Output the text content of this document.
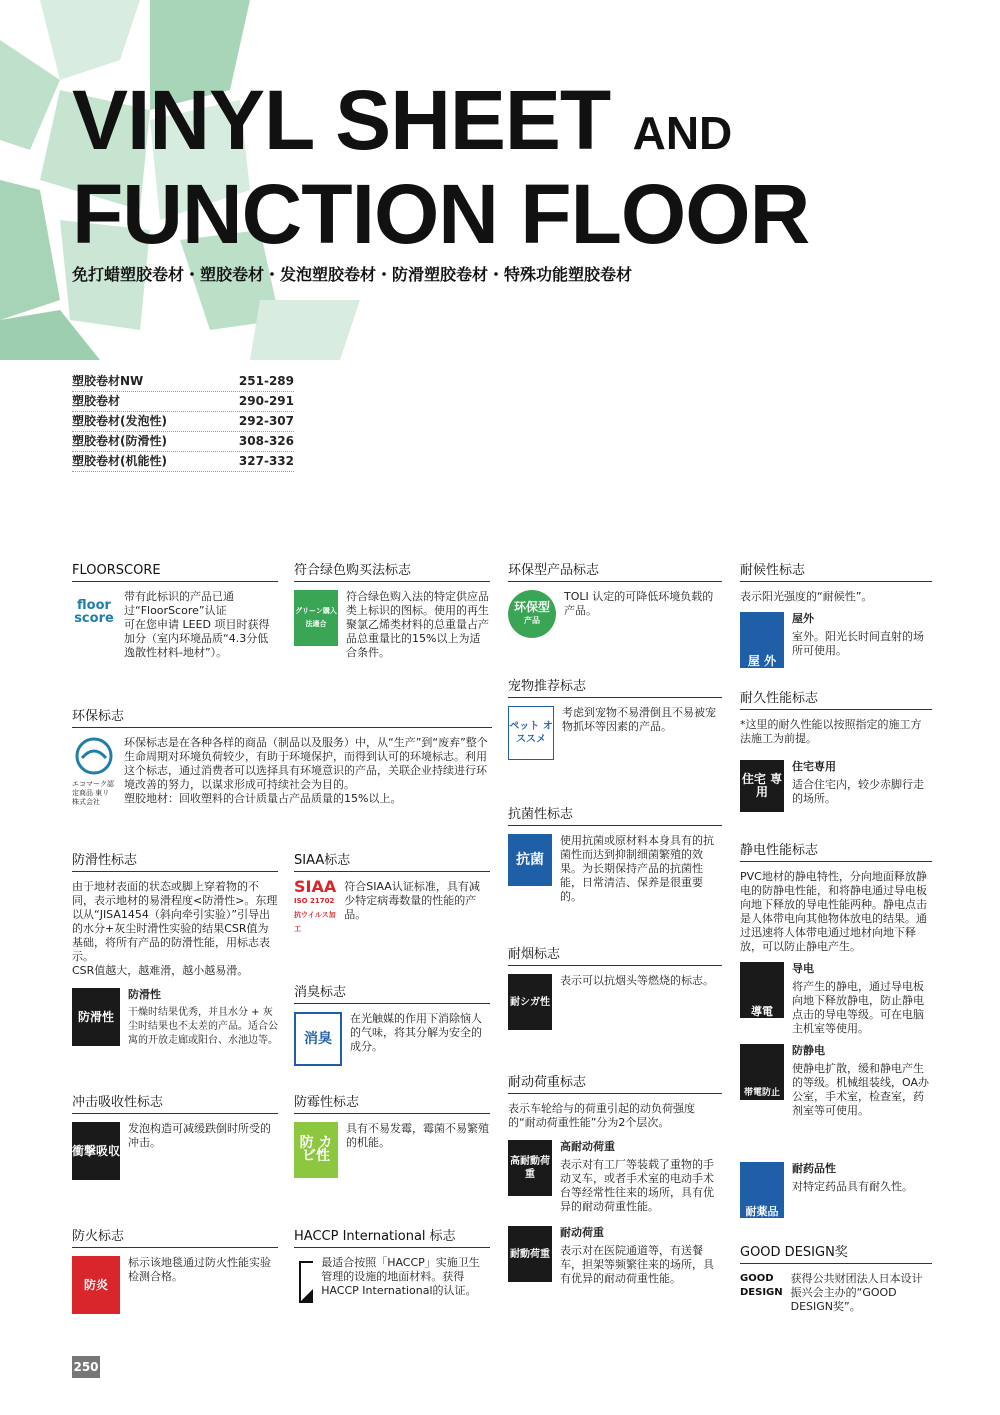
VINYL SHEET AND
FUNCTION FLOOR
免打蜡塑胶卷材・塑胶卷材・发泡塑胶卷材・防滑塑胶卷材・特殊功能塑胶卷材
塑胶卷材NW	251-289
塑胶卷材	290-291
塑胶卷材(发泡性)	292-307
塑胶卷材(防滑性)	308-326
塑胶卷材(机能性)	327-332
FLOORSCORE
floor score
带有此标识的产品已通过“FloorScore”认证
可在您申请 LEED 项目时获得加分（室内环境品质“4.3分低逸散性材料-地材”）。
环保标志
エコマーク認定商品 東リ株式会社
环保标志是在各种各样的商品（制品以及服务）中，从“生产”到“废弃”整个生命周期对环境负荷较少，有助于环境保护，而得到认可的环境标志。利用这个标志，通过消费者可以选择具有环境意识的产品，关联企业持续进行环境改善的努力，以谋求形成可持续社会为目的。
塑胶地材：回收塑料的合计质量占产品质量的15%以上。
防滑性标志
由于地材表面的状态或脚上穿着物的不同，表示地材的易滑程度<防滑性>。东理以从“JISA1454（斜向牵引实验）”引导出的水分+灰尘时滑性实验的结果CSR值为基础，将所有产品的防滑性能，用标志表示。
CSR值越大，越难滑，越小越易滑。
防滑性
防滑性
干燥时结果优秀，并且水分 + 灰尘时结果也不太差的产品。适合公寓的开放走廊或阳台、水池边等。
冲击吸收性标志
衝撃吸収
发泡构造可减缓跌倒时所受的冲击。
防火标志
防炎
标示该地毯通过防火性能实验检测合格。
符合绿色购买法标志
グリーン購入法適合
符合绿色购入法的特定供应品类上标识的图标。使用的再生聚氯乙烯类材料的总重量占产品总重量比的15%以上为适合条件。
SIAA标志
SIAA
ISO 21702
抗ウイルス加工
符合SIAA认证标准，具有减少特定病毒数量的性能的产品。
消臭标志
消臭
在光触媒的作用下消除恼人的气味，将其分解为安全的成分。
防霉性标志
防 カビ性
具有不易发霉，霉菌不易繁殖的机能。
HACCP International 标志
最适合按照「HACCP」实施卫生管理的设施的地面材料。获得HACCP International的认证。
环保型产品标志
环保型
产品
TOLI 认定的可降低环境负载的产品。
宠物推荐标志
ペット オススメ
考虑到宠物不易滑倒且不易被宠物抓坏等因素的产品。
抗菌性标志
抗菌
使用抗菌或原材料本身具有的抗菌性而达到抑制细菌繁殖的效果。为长期保持产品的抗菌性能，日常清洁、保养是很重要的。
耐烟标志
耐シガ性
表示可以抗烟头等燃烧的标志。
耐动荷重标志
表示车轮给与的荷重引起的动负荷强度的“耐动荷重性能”分为2个层次。
高耐動荷重
高耐动荷重
表示对有工厂等装载了重物的手动叉车，或者手术室的电动手术台等经常性往来的场所，具有优异的耐动荷重性能。
耐動荷重
耐动荷重
表示对在医院通道等，有送餐车，担架等频繁往来的场所，具有优异的耐动荷重性能。
耐候性标志
表示阳光强度的“耐候性”。
屋 外
屋外
室外。阳光长时间直射的场所可使用。
耐久性能标志
*这里的耐久性能以按照指定的施工方法施工为前提。
住宅 専用
住宅専用
适合住宅内，较少赤脚行走的场所。
静电性能标志
PVC地材的静电特性，分向地面释放静电的防静电性能，和将静电通过导电板向地下释放的导电性能两种。静电点击是人体带电向其他物体放电的结果。通过迅速将人体带电通过地材向地下释放，可以防止静电产生。
導電
导电
将产生的静电，通过导电板向地下释放静电，防止静电点击的导电等级。可在电脑主机室等使用。
帯電防止
防静电
使静电扩散，缓和静电产生的等级。机械组装线，OA办公室，手术室，检查室，药剂室等可使用。
耐薬品
耐药品性
对特定药品具有耐久性。
GOOD DESIGN奖
GOOD DESIGN
获得公共财团法人日本设计振兴会主办的“GOOD DESIGN奖”。
250
